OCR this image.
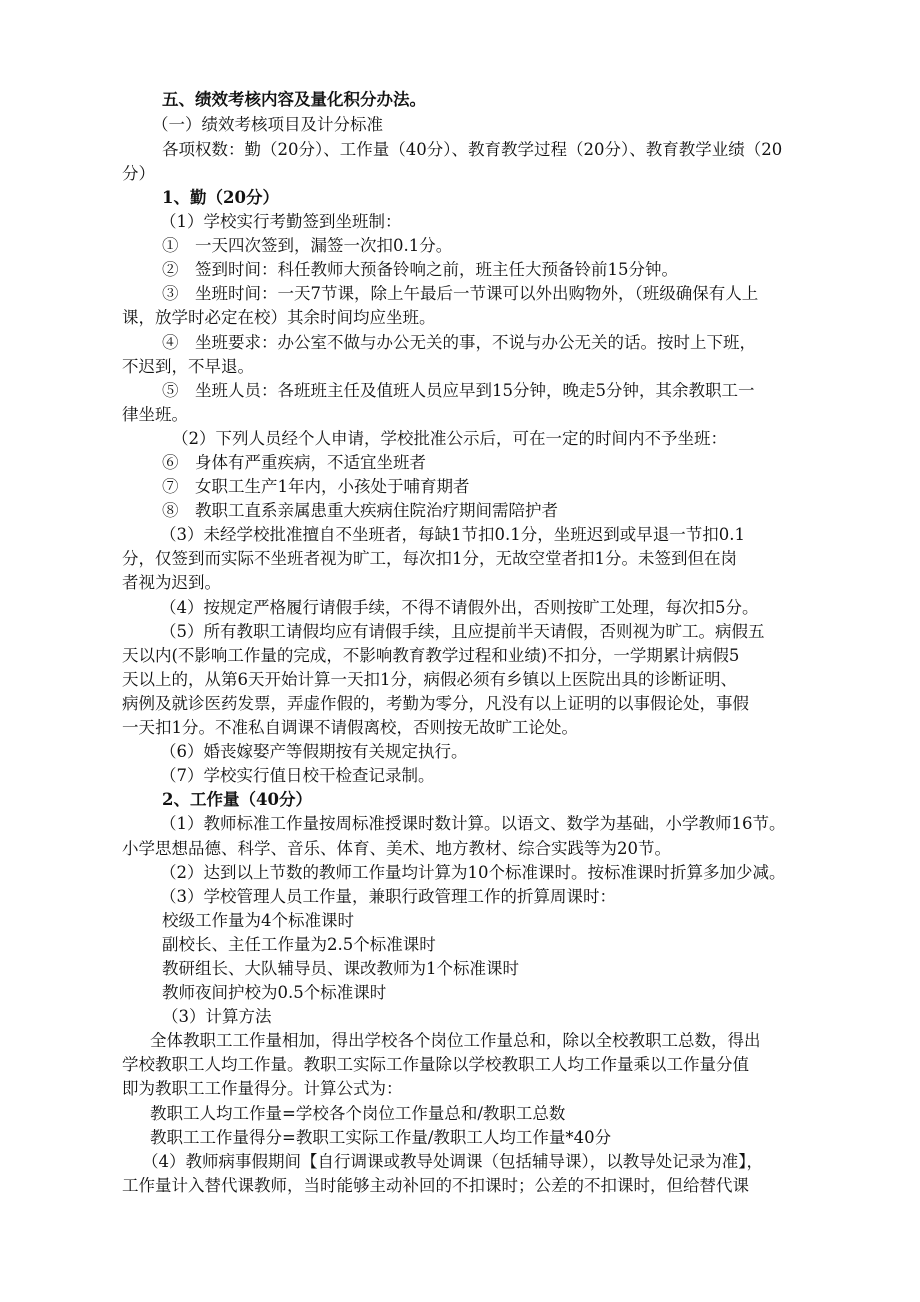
五、绩效考核内容及量化积分办法。
（一）绩效考核项目及计分标准
各项权数：勤（20分）、工作量（40分）、教育教学过程（20分）、教育教学业绩（20
分）
1、勤（20分）
（1）学校实行考勤签到坐班制：
①　一天四次签到，漏签一次扣0.1分。
②　签到时间：科任教师大预备铃响之前，班主任大预备铃前15分钟。
③　坐班时间：一天7节课，除上午最后一节课可以外出购物外，（班级确保有人上
课，放学时必定在校）其余时间均应坐班。
④　坐班要求：办公室不做与办公无关的事，不说与办公无关的话。按时上下班，
不迟到，不早退。
⑤　坐班人员：各班班主任及值班人员应早到15分钟，晚走5分钟，其余教职工一
律坐班。
（2）下列人员经个人申请，学校批准公示后，可在一定的时间内不予坐班：
⑥　身体有严重疾病，不适宜坐班者
⑦　女职工生产1年内，小孩处于哺育期者
⑧　教职工直系亲属患重大疾病住院治疗期间需陪护者
（3）未经学校批准擅自不坐班者，每缺1节扣0.1分，坐班迟到或早退一节扣0.1
分，仅签到而实际不坐班者视为旷工，每次扣1分，无故空堂者扣1分。未签到但在岗
者视为迟到。
（4）按规定严格履行请假手续，不得不请假外出，否则按旷工处理，每次扣5分。
（5）所有教职工请假均应有请假手续，且应提前半天请假，否则视为旷工。病假五
天以内(不影响工作量的完成，不影响教育教学过程和业绩)不扣分，一学期累计病假5
天以上的，从第6天开始计算一天扣1分，病假必须有乡镇以上医院出具的诊断证明、
病例及就诊医药发票，弄虚作假的，考勤为零分，凡没有以上证明的以事假论处，事假
一天扣1分。不准私自调课不请假离校，否则按无故旷工论处。
（6）婚丧嫁娶产等假期按有关规定执行。
（7）学校实行值日校干检查记录制。
2、工作量（40分）
（1）教师标准工作量按周标准授课时数计算。以语文、数学为基础，小学教师16节。
小学思想品德、科学、音乐、体育、美术、地方教材、综合实践等为20节。
（2）达到以上节数的教师工作量均计算为10个标准课时。按标准课时折算多加少减。
（3）学校管理人员工作量，兼职行政管理工作的折算周课时：
校级工作量为4个标准课时
副校长、主任工作量为2.5个标准课时
教研组长、大队辅导员、课改教师为1个标准课时
教师夜间护校为0.5个标准课时
（3）计算方法
全体教职工工作量相加，得出学校各个岗位工作量总和，除以全校教职工总数，得出
学校教职工人均工作量。教职工实际工作量除以学校教职工人均工作量乘以工作量分值
即为教职工工作量得分。计算公式为：
教职工人均工作量=学校各个岗位工作量总和/教职工总数
教职工工作量得分=教职工实际工作量/教职工人均工作量*40分
（4）教师病事假期间【自行调课或教导处调课（包括辅导课），以教导处记录为准】，
工作量计入替代课教师，当时能够主动补回的不扣课时；公差的不扣课时，但给替代课
